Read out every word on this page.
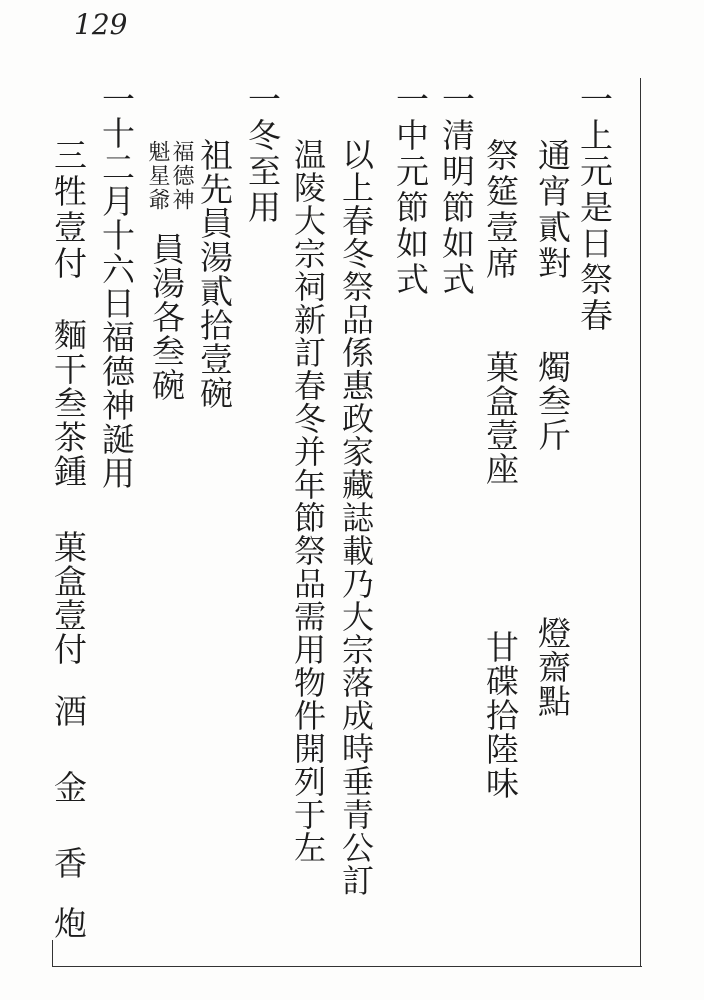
129
一上元是日祭春
通宵貳對
燭叁斤
燈齋點
祭筵壹席
菓盒壹座
甘碟拾陸味
一清明節如式
一中元節如式
以上春冬祭品係惠政家藏誌載乃大宗落成時垂青公訂
温陵大宗祠新訂春冬并年節祭品需用物件開列于左
一冬至用
祖先員湯貳拾壹碗
福德神
魁星爺
員湯各叁碗
一十二月十六日福德神誕用
三牲壹付
麵干叁茶鍾
菓盒壹付
酒
金
香
炮
